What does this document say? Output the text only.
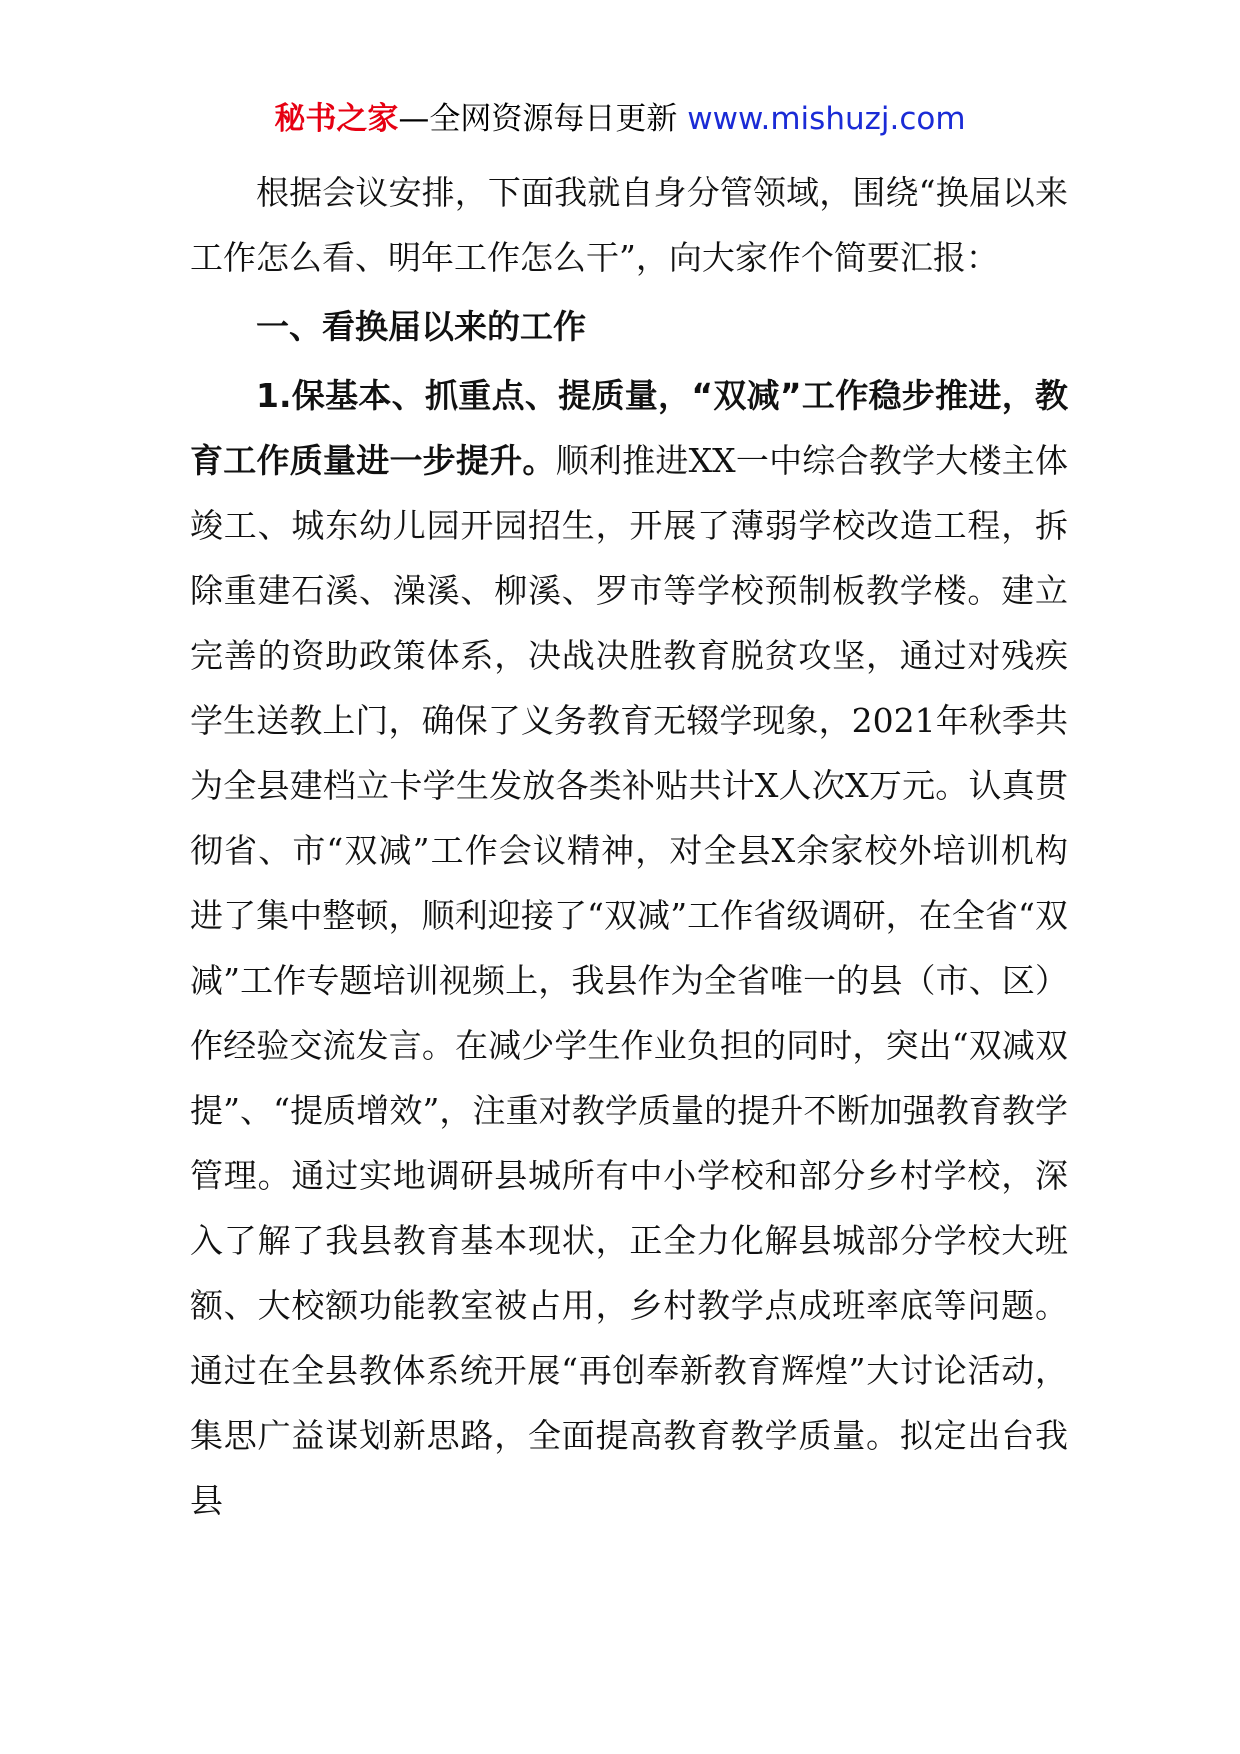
秘书之家—全网资源每日更新 www.mishuzj.com

根据会议安排，下面我就自身分管领域，围绕“换届以来工作怎么看、明年工作怎么干”，向大家作个简要汇报：

一、看换届以来的工作

1.保基本、抓重点、提质量，“双减”工作稳步推进，教育工作质量进一步提升。顺利推进XX一中综合教学大楼主体竣工、城东幼儿园开园招生，开展了薄弱学校改造工程，拆除重建石溪、澡溪、柳溪、罗市等学校预制板教学楼。建立完善的资助政策体系，决战决胜教育脱贫攻坚，通过对残疾学生送教上门，确保了义务教育无辍学现象，2021年秋季共为全县建档立卡学生发放各类补贴共计X人次X万元。认真贯彻省、市“双减”工作会议精神，对全县X余家校外培训机构进了集中整顿，顺利迎接了“双减”工作省级调研，在全省“双减”工作专题培训视频上，我县作为全省唯一的县（市、区）作经验交流发言。在减少学生作业负担的同时，突出“双减双提”、“提质增效”，注重对教学质量的提升不断加强教育教学管理。通过实地调研县城所有中小学校和部分乡村学校，深入了解了我县教育基本现状，正全力化解县城部分学校大班额、大校额功能教室被占用，乡村教学点成班率底等问题。通过在全县教体系统开展“再创奉新教育辉煌”大讨论活动，集思广益谋划新思路，全面提高教育教学质量。拟定出台我县
